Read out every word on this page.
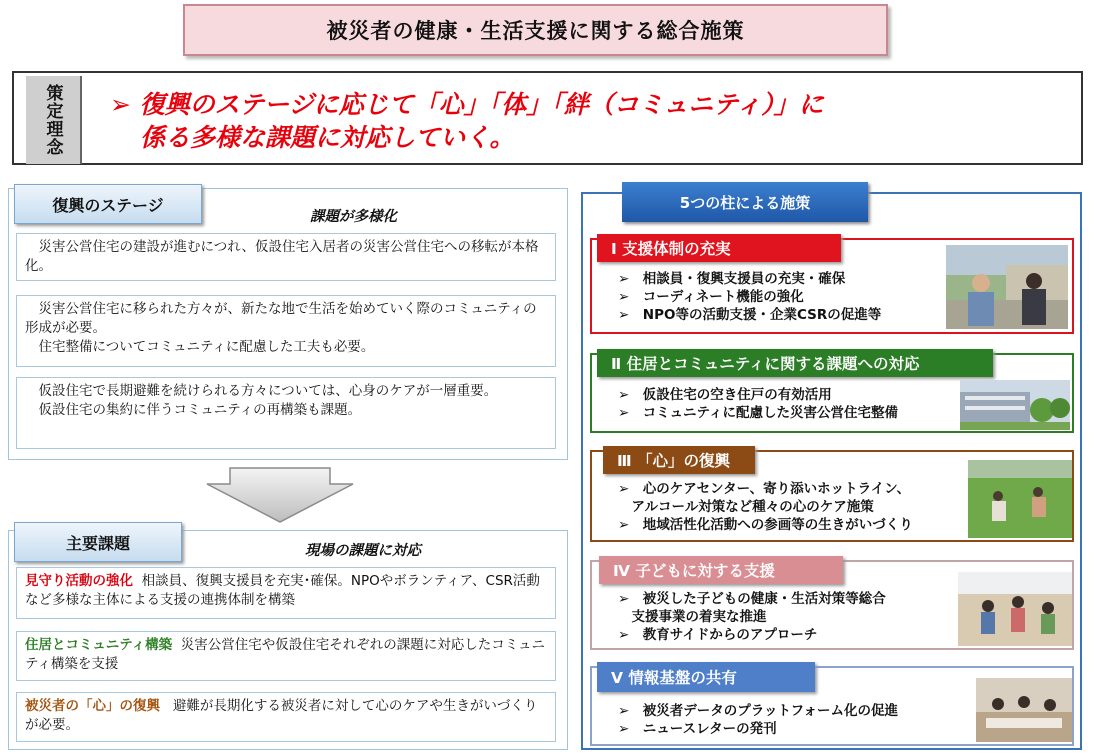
被災者の健康・生活支援に関する総合施策
策定理念 ➢ 復興のステージに応じて「心」「体」「絆（コミュニティ）」に
係る多様な課題に対応していく。
復興のステージ
課題が多様化

災害公営住宅の建設が進むにつれ、仮設住宅入居者の災害公営住宅への移転が本格化。

災害公営住宅に移られた方々が、新たな地で生活を始めていく際のコミュニティの形成が必要。

住宅整備についてコミュニティに配慮した工夫も必要。

仮設住宅で長期避難を続けられる方々については、心身のケアが一層重要。

仮設住宅の集約に伴うコミュニティの再構築も課題。

主要課題	現場の課題に対応
見守り活動の強化 相談員、復興支援員を充実･確保。NPOやボランティア、CSR活動など多様な主体による支援の連携体制を構築
住居とコミュニティ構築 災害公営住宅や仮設住宅それぞれの課題に対応したコミュニティ構築を支援
被災者の「心」の復興 避難が長期化する被災者に対して心のケアや生きがいづくりが必要。
5つの柱による施策
Ⅰ 支援体制の充実
➢　相談員・復興支援員の充実・確保
➢　コーディネート機能の強化
➢　NPO等の活動支援・企業CSRの促進等
Ⅱ 住居とコミュニティに関する課題への対応
➢　仮設住宅の空き住戸の有効活用
➢　コミュニティに配慮した災害公営住宅整備
Ⅲ 「心」の復興
➢　心のケアセンター、寄り添いホットライン、
　アルコール対策など種々の心のケア施策
➢　地域活性化活動への参画等の生きがいづくり
Ⅳ 子どもに対する支援
➢　被災した子どもの健康・生活対策等総合
　支援事業の着実な推進
➢　教育サイドからのアプローチ
Ⅴ 情報基盤の共有
➢　被災者データのプラットフォーム化の促進
➢　ニュースレターの発刊
